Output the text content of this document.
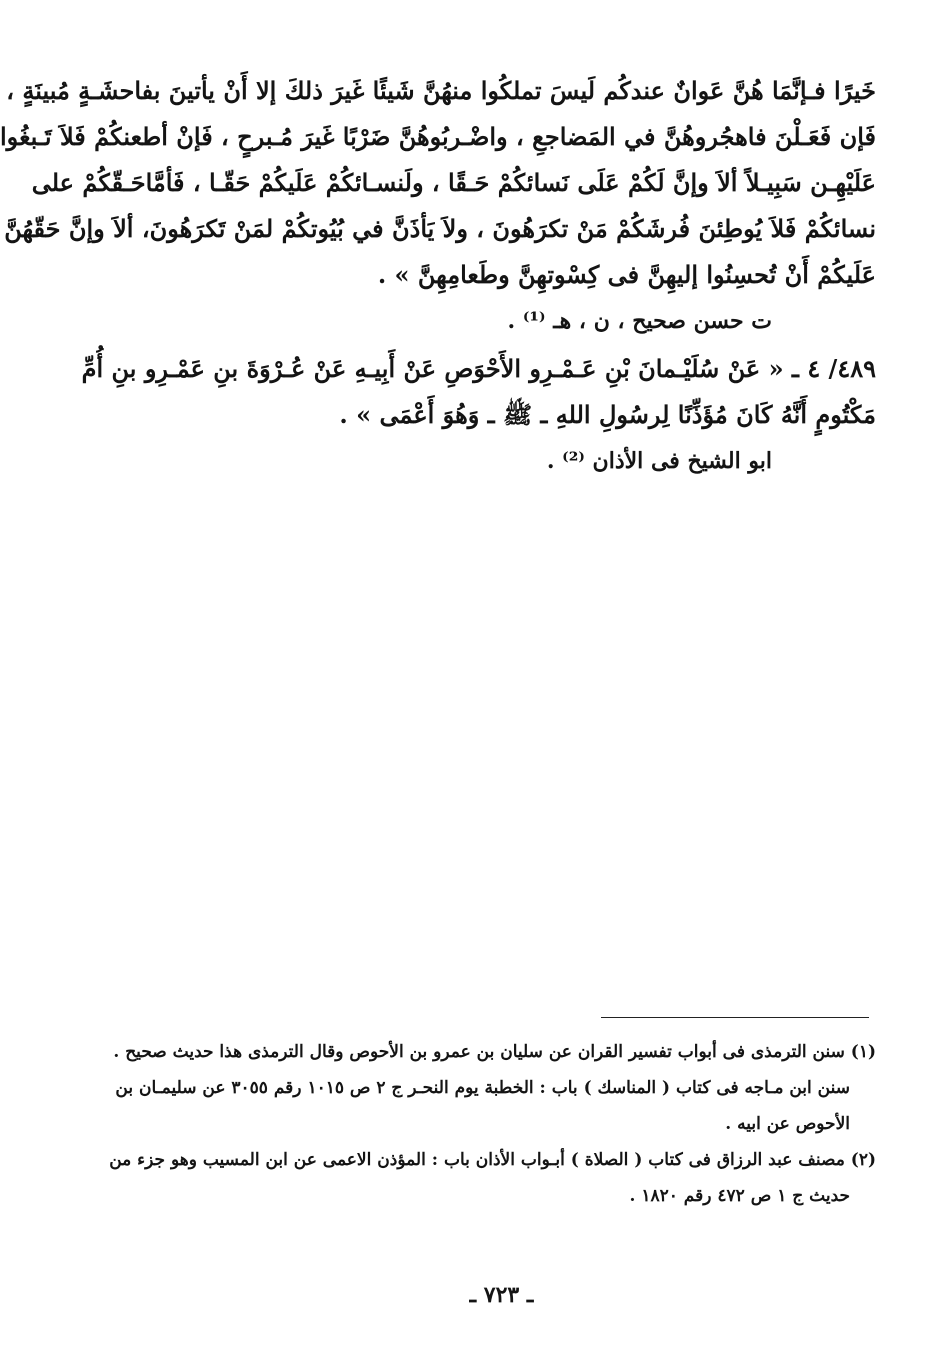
خَيرًا فـإنَّمَا هُنَّ عَوانٌ عندكُم لَيسَ تملكُوا منهُنَّ شَيئًا غَيرَ ذلكَ إلا أَنْ يأتينَ بفاحشَـةٍ مُبينَةٍ ،
فَإن فَعَـلْنَ فاهجُروهُنَّ في المَضاجعِ ، واضْـربُوهُنَّ ضَرْبًا غَيرَ مُـبرحٍ ، فَإنْ أطعنكُمْ فَلاَ تَـبغُوا
عَلَيْهِـن سَبِيـلاً ألاَ وإنَّ لَكُمْ عَلَى نَسائكُمْ حَـقًا ، ولَنسـائكُمْ عَلَيكُمْ حَقّـا ، فَأمَّاحَـقّكُمْ على
نسائكُمْ فَلاَ يُوطِئنَ فُرشَكُمْ مَنْ تكرَهُونَ ، ولاَ يَأذَنَّ في بُيُوتكُمْ لمَنْ تَكرَهُونَ، ألاَ وإنَّ حَقّهُنَّ
عَلَيكُمْ أَنْ تُحسِنُوا إليهِنَّ فى كِسْوتهِنَّ وطَعامِهِنَّ » .
ت حسن صحيح ، ن ، هـ ⁽¹⁾ .
٤٨٩/ ٤ ـ « عَنْ سُلَيْـمانَ بْنِ عَـمْـرِو الأَحْوَصِ عَنْ أَبِيـهِ عَنْ عُـرْوَةَ بنِ عَمْـرِو بنِ أُمِّ
مَكْتُومٍ أَنَّهُ كَانَ مُؤَذِّنًا لِرسُولِ اللهِ ـ ﷺ ـ وَهُوَ أَعْمَى » .
ابو الشيخ فى الأذان ⁽²⁾ .
(١) سنن الترمذى فى أبواب تفسير القران عن سليان بن عمرو بن الأحوص وقال الترمذى هذا حديث صحيح .
سنن ابن مـاجه فى كتاب ( المناسك ) باب : الخطبة يوم النحـر ج ٢ ص ١٠١٥ رقم ٣٠٥٥ عن سليمـان بن
الأحوص عن ابيه .
(٢) مصنف عبد الرزاق فى كتاب ( الصلاة ) أبـواب الأذان باب : المؤذن الاعمى عن ابن المسيب وهو جزء من
حديث ج ١ ص ٤٧٢ رقم ١٨٢٠ .
ـ ٧٢٣ ـ
